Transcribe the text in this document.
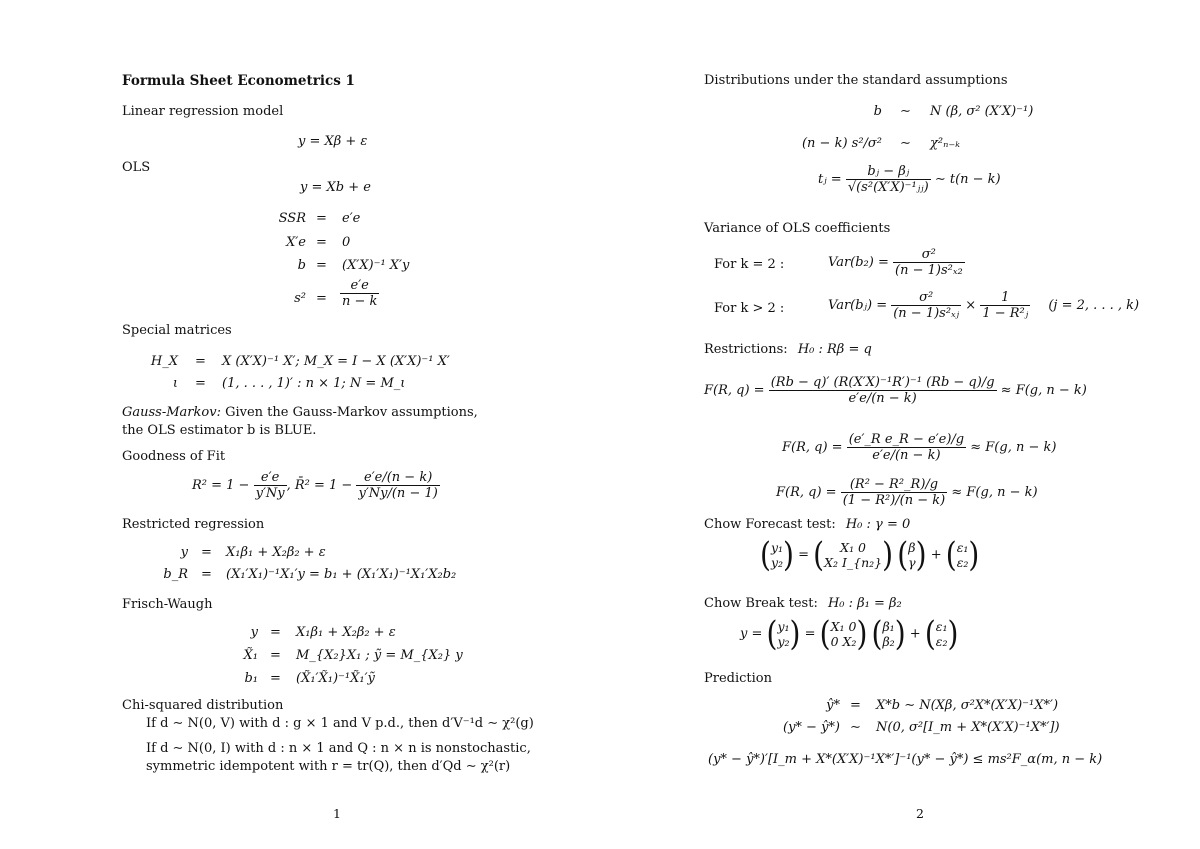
Formula Sheet Econometrics 1
Linear regression model
y = Xβ + ε
OLS
y = Xb + e
SSR = e′e
X′e = 0
b = (X′X)⁻¹ X′y
$s^2 = \frac{e'e}{n - k}$
Special matrices
H_X = X (X′X)⁻¹ X′; M_X = I − X (X′X)⁻¹ X′
ι = (1, . . . , 1)′ : n × 1; N = M_ι
Gauss-Markov: Given the Gauss-Markov assumptions,
the OLS estimator b is BLUE.
Goodness of Fit
$R^2 = 1 - \frac{e'e}{y'Ny}$ , R̄² = $1 - \frac{e'e/(n - k)}{y'Ny/(n - 1)}$
Restricted regression
y = X₁β₁ + X₂β₂ + ε
b_R = (X₁′X₁)⁻¹X₁′y = b₁ + (X₁′X₁)⁻¹X₁′X₂b₂
Frisch-Waugh
y = X₁β₁ + X₂β₂ + ε
X̃₁ = M_{X₂}X₁ ; ỹ = M_{X₂} y
b₁ = (X̃₁′X̃₁)⁻¹X̃₁′ỹ
Chi-squared distribution
If d ∼ N(0, V) with d : g × 1 and V p.d., then d′V⁻¹d ∼ χ²(g)
If d ∼ N(0, I) with d : n × 1 and Q : n × n is nonstochastic,
symmetric idempotent with r = tr(Q), then d′Qd ∼ χ²(r)
1
Distributions under the standard assumptions
b ∼ N (β, σ² (X′X)⁻¹)
(n − k) s²/σ² ∼ χ²ₙ₋ₖ
tⱼ = $\frac{\text{bⱼ − βⱼ}}{\text{√(s²(X′X)⁻¹ⱼⱼ)}}$ ∼ t(n − k)
Variance of OLS coefficients
For k = 2 :	$Var(b_2) = \frac{\text{σ²}}{\text{(n − 1)s²ₓ₂}}$
For k > 2 :	Var(bⱼ) = $\frac{\text{σ²}}{\text{(n − 1)s²ₓⱼ}} \times \frac{1}{\text{1 − R²ⱼ}} (j = 2$, . . . , k)
Restrictions: H₀ : Rβ = q
F(R, $q) = \frac{\text{(Rb − q)′ (R(X′X)⁻¹R′)⁻¹ (Rb − q)/g}}{e'e/(n - k)} \approx F(g$, n − k)
F(R, $q) = \frac{\text{(e′\_R e\_R − e′e)/g}}{e'e/(n - k)} \approx F(g$, n − k)
F(R, $q) = \frac{\text{(R² − R²\_R)/g}}{\text{(1 − R²)/(n − k)}} \approx F(g$, n − k)
Chow Forecast test: H₀ : γ = 0
( y₁
y₂ ) = (	X₁ 0
X₂ I_{n₂} ) ( β
γ ) + ( ε₁
ε₂ )
Chow Break test: H₀ : β₁ = β₂
y = ( y₁
y₂ ) = ( X₁ 0
0 X₂ ) ( β₁
β₂ ) + ( ε₁
ε₂ )
Prediction
ŷ* = X*b ∼ N(Xβ, σ²X*(X′X)⁻¹X*′)
(y* − ŷ*) ∼ N(0, σ²[I_m + X*(X′X)⁻¹X*′])
(y* − ŷ*)′[I_m + X*(X′X)⁻¹X*′]⁻¹(y* − ŷ*) ≤ ms²F_α(m, n − k)
2
